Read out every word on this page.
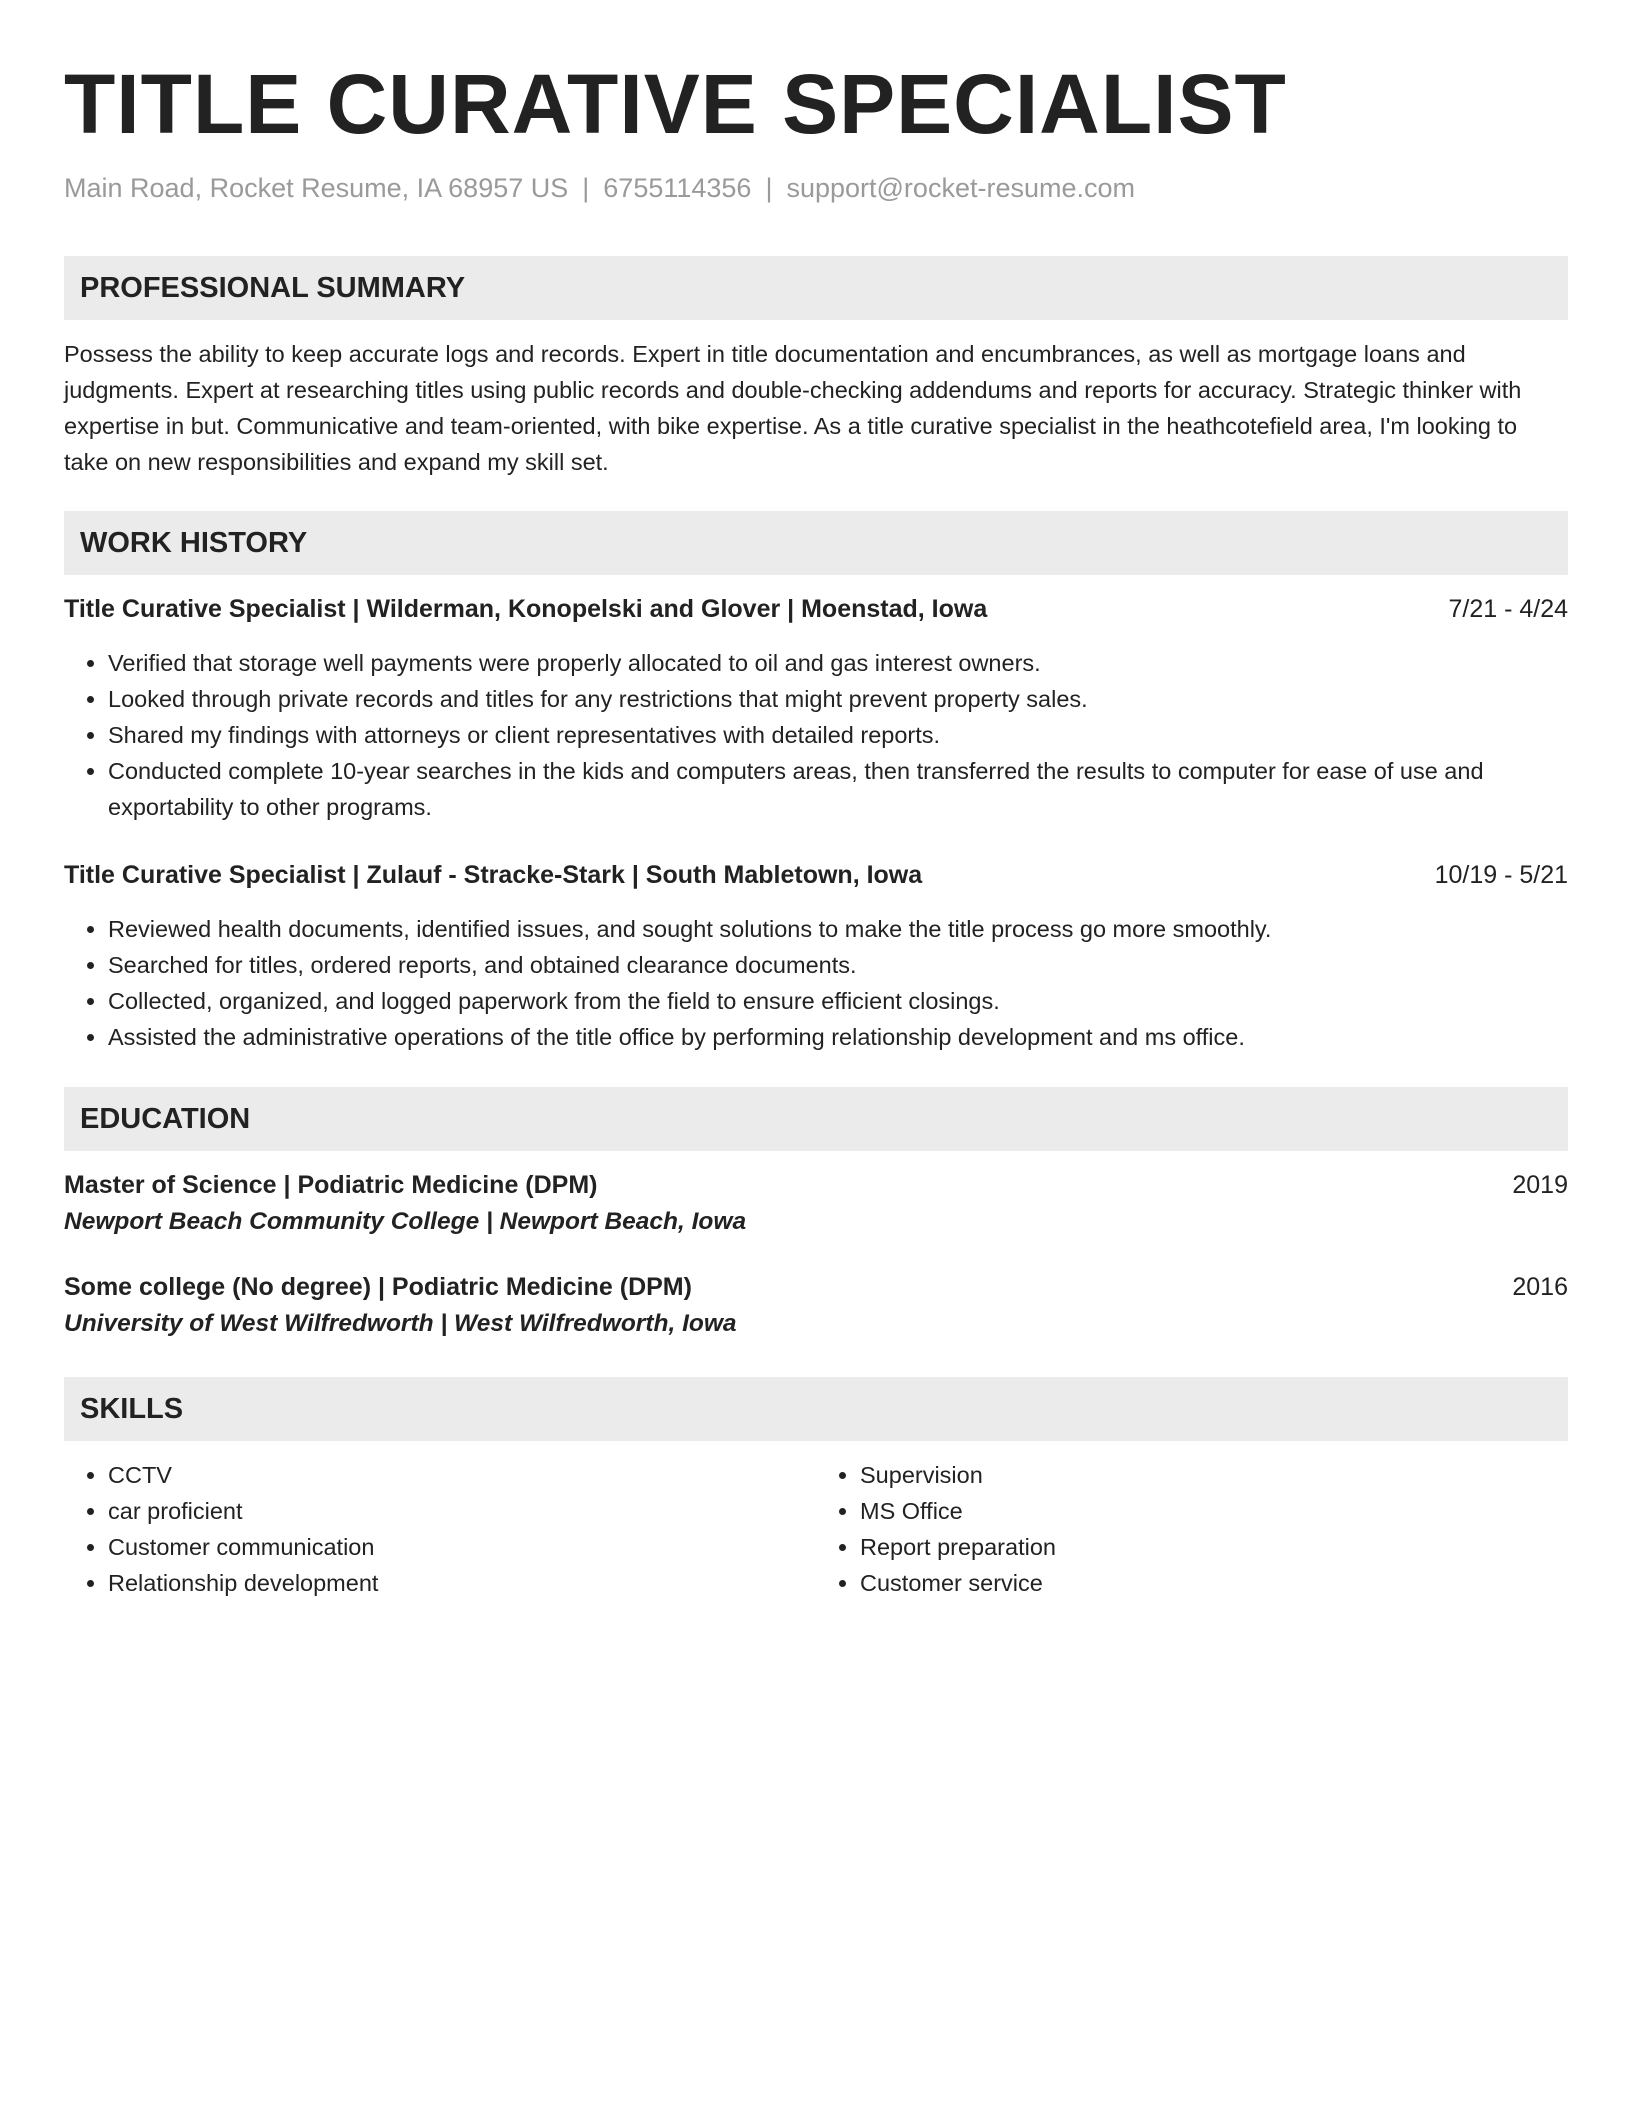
TITLE CURATIVE SPECIALIST
Main Road, Rocket Resume, IA 68957 US | 6755114356 | support@rocket-resume.com
PROFESSIONAL SUMMARY
Possess the ability to keep accurate logs and records. Expert in title documentation and encumbrances, as well as mortgage loans and judgments. Expert at researching titles using public records and double-checking addendums and reports for accuracy. Strategic thinker with expertise in but. Communicative and team-oriented, with bike expertise. As a title curative specialist in the heathcotefield area, I'm looking to take on new responsibilities and expand my skill set.
WORK HISTORY
Title Curative Specialist | Wilderman, Konopelski and Glover | Moenstad, Iowa	7/21 - 4/24
• Verified that storage well payments were properly allocated to oil and gas interest owners.
• Looked through private records and titles for any restrictions that might prevent property sales.
• Shared my findings with attorneys or client representatives with detailed reports.
• Conducted complete 10-year searches in the kids and computers areas, then transferred the results to computer for ease of use and exportability to other programs.
Title Curative Specialist | Zulauf - Stracke-Stark | South Mabletown, Iowa	10/19 - 5/21
• Reviewed health documents, identified issues, and sought solutions to make the title process go more smoothly.
• Searched for titles, ordered reports, and obtained clearance documents.
• Collected, organized, and logged paperwork from the field to ensure efficient closings.
• Assisted the administrative operations of the title office by performing relationship development and ms office.
EDUCATION
Master of Science | Podiatric Medicine (DPM)	2019
Newport Beach Community College | Newport Beach, Iowa
Some college (No degree) | Podiatric Medicine (DPM)	2016
University of West Wilfredworth | West Wilfredworth, Iowa
SKILLS
• CCTV
• car proficient
• Customer communication
• Relationship development
• Supervision
• MS Office
• Report preparation
• Customer service
